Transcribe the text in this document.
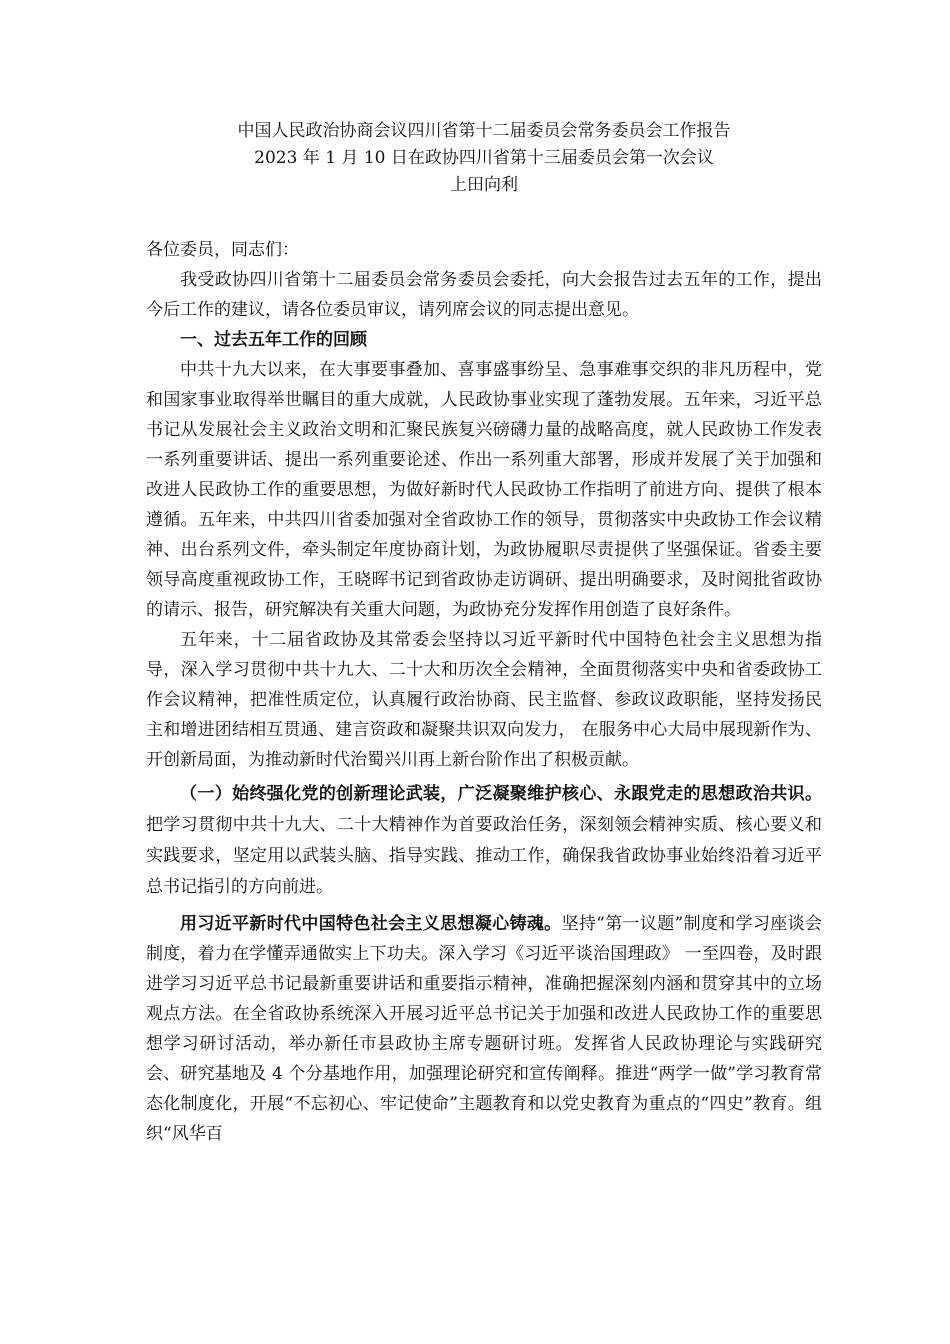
中国人民政治协商会议四川省第十二届委员会常务委员会工作报告
2023 年 1 月 10 日在政协四川省第十三届委员会第一次会议
上田向利

各位委员，同志们：

我受政协四川省第十二届委员会常务委员会委托，向大会报告过去五年的工作，提出今后工作的建议，请各位委员审议，请列席会议的同志提出意见。

一、过去五年工作的回顾

中共十九大以来，在大事要事叠加、喜事盛事纷呈、急事难事交织的非凡历程中，党和国家事业取得举世瞩目的重大成就，人民政协事业实现了蓬勃发展。五年来，习近平总书记从发展社会主义政治文明和汇聚民族复兴磅礴力量的战略高度，就人民政协工作发表一系列重要讲话、提出一系列重要论述、作出一系列重大部署，形成并发展了关于加强和改进人民政协工作的重要思想，为做好新时代人民政协工作指明了前进方向、提供了根本遵循。五年来，中共四川省委加强对全省政协工作的领导，贯彻落实中央政协工作会议精神、出台系列文件，牵头制定年度协商计划，为政协履职尽责提供了坚强保证。省委主要领导高度重视政协工作，王晓晖书记到省政协走访调研、提出明确要求，及时阅批省政协的请示、报告，研究解决有关重大问题，为政协充分发挥作用创造了良好条件。

五年来，十二届省政协及其常委会坚持以习近平新时代中国特色社会主义思想为指导，深入学习贯彻中共十九大、二十大和历次全会精神，全面贯彻落实中央和省委政协工作会议精神，把准性质定位，认真履行政治协商、民主监督、参政议政职能，坚持发扬民主和增进团结相互贯通、建言资政和凝聚共识双向发力， 在服务中心大局中展现新作为、开创新局面，为推动新时代治蜀兴川再上新台阶作出了积极贡献。

（一）始终强化党的创新理论武装，广泛凝聚维护核心、永跟党走的思想政治共识。把学习贯彻中共十九大、二十大精神作为首要政治任务，深刻领会精神实质、核心要义和实践要求，坚定用以武装头脑、指导实践、推动工作，确保我省政协事业始终沿着习近平总书记指引的方向前进。

用习近平新时代中国特色社会主义思想凝心铸魂。坚持“第一议题”制度和学习座谈会制度，着力在学懂弄通做实上下功夫。深入学习《习近平谈治国理政》 一至四卷，及时跟进学习习近平总书记最新重要讲话和重要指示精神，准确把握深刻内涵和贯穿其中的立场观点方法。在全省政协系统深入开展习近平总书记关于加强和改进人民政协工作的重要思想学习研讨活动，举办新任市县政协主席专题研讨班。发挥省人民政协理论与实践研究会、研究基地及 4 个分基地作用，加强理论研究和宣传阐释。推进“两学一做”学习教育常态化制度化，开展“不忘初心、牢记使命”主题教育和以党史教育为重点的“四史”教育。组织“风华百
